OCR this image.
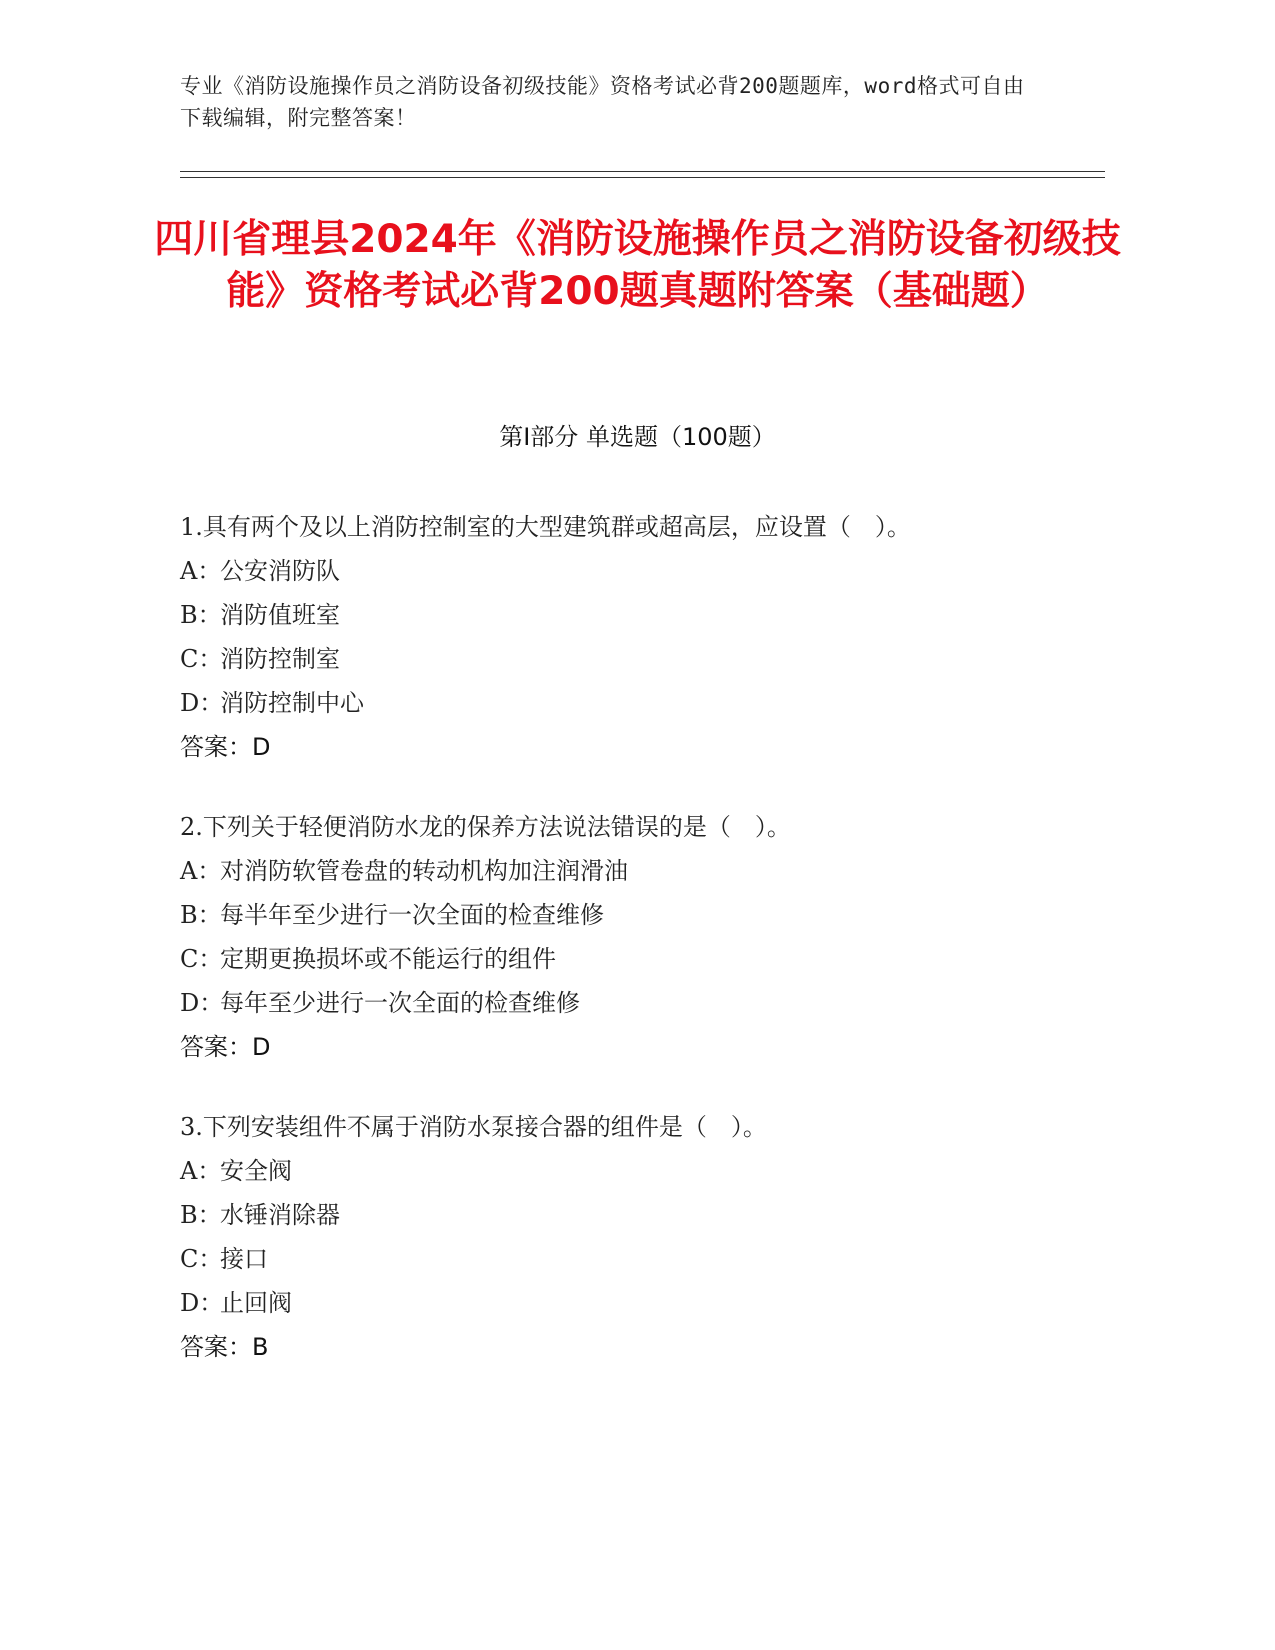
专业《消防设施操作员之消防设备初级技能》资格考试必背200题题库，word格式可自由下载编辑，附完整答案！
四川省理县2024年《消防设施操作员之消防设备初级技能》资格考试必背200题真题附答案（基础题）
第I部分 单选题（100题）
1.具有两个及以上消防控制室的大型建筑群或超高层，应设置（　）。
A：公安消防队
B：消防值班室
C：消防控制室
D：消防控制中心
答案：D
2.下列关于轻便消防水龙的保养方法说法错误的是（　）。
A：对消防软管卷盘的转动机构加注润滑油
B：每半年至少进行一次全面的检查维修
C：定期更换损坏或不能运行的组件
D：每年至少进行一次全面的检查维修
答案：D
3.下列安装组件不属于消防水泵接合器的组件是（　）。
A：安全阀
B：水锤消除器
C：接口
D：止回阀
答案：B
